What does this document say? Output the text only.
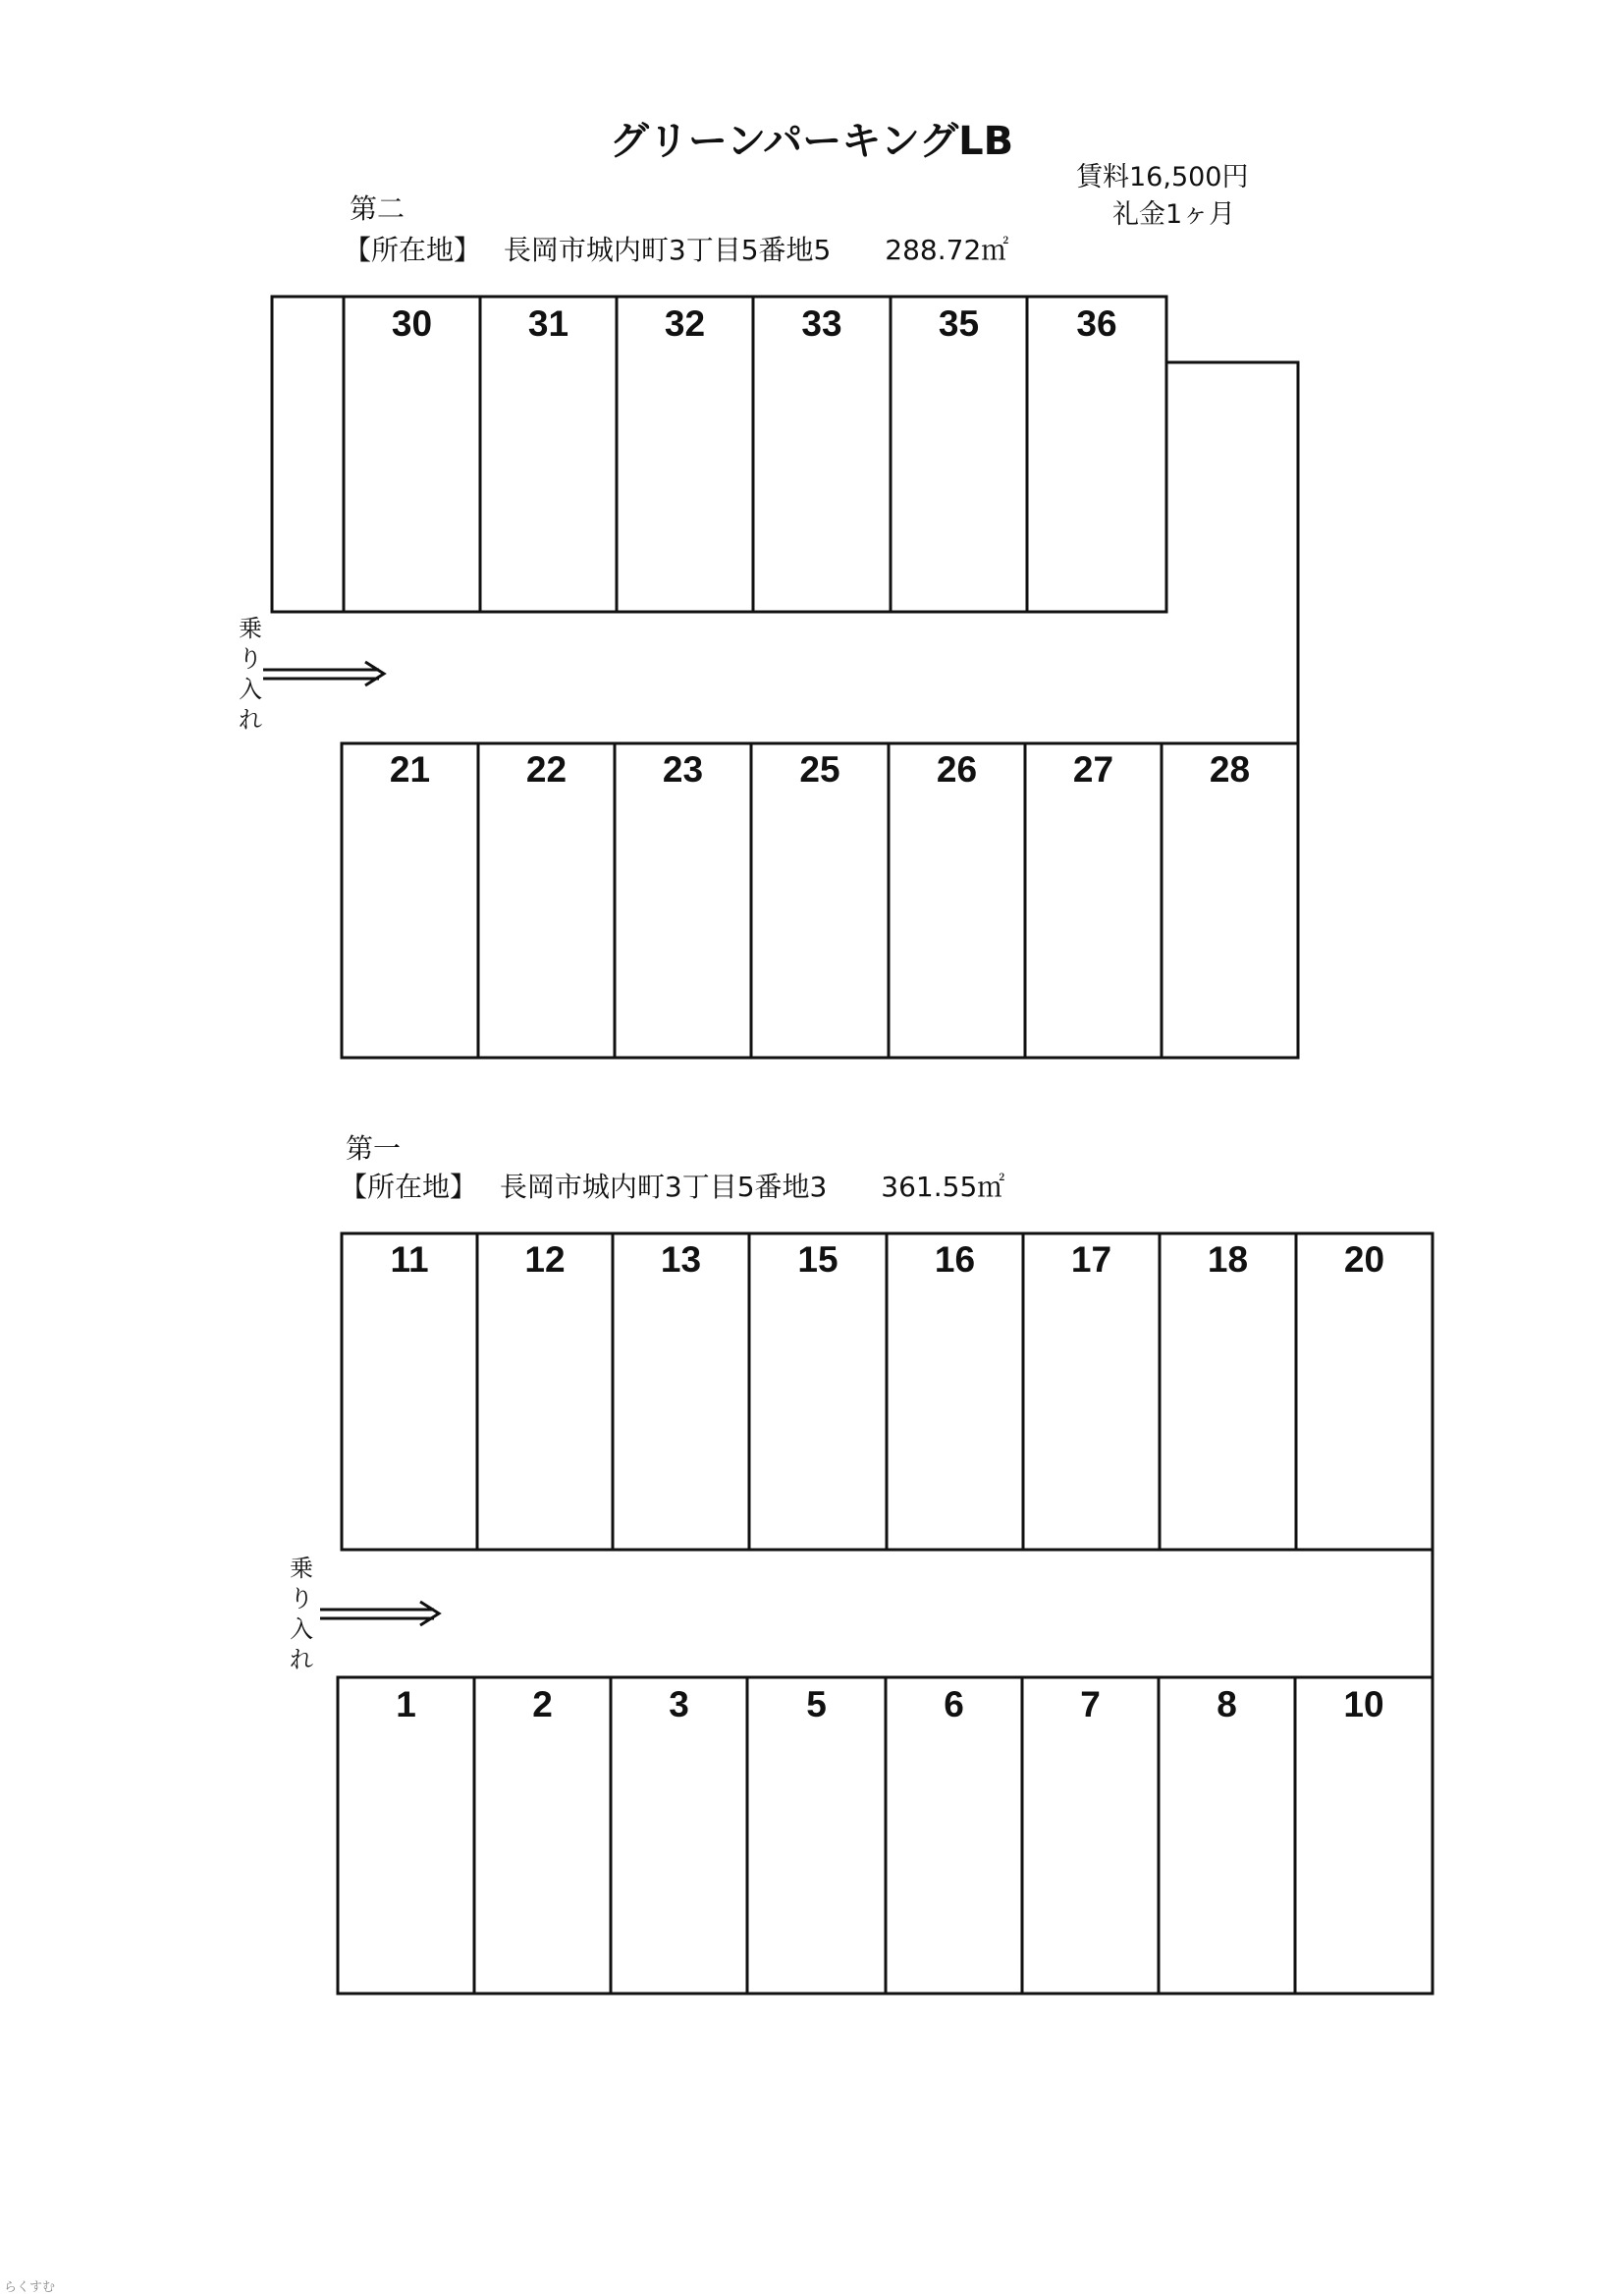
グリーンパーキングLB
賃料16,500円
礼金1ヶ月
第二
【所在地】 長岡市城内町3丁目5番地5 288.72㎡
第一
【所在地】 長岡市城内町3丁目5番地3 361.55㎡
乗
り
入
れ
乗
り
入
れ
30	31	32	33	35	36
21	22	23	25	26	27	28
11	12	13	15	16	17	18	20
1	2	3	5	6	7	8	10
らくすむ
